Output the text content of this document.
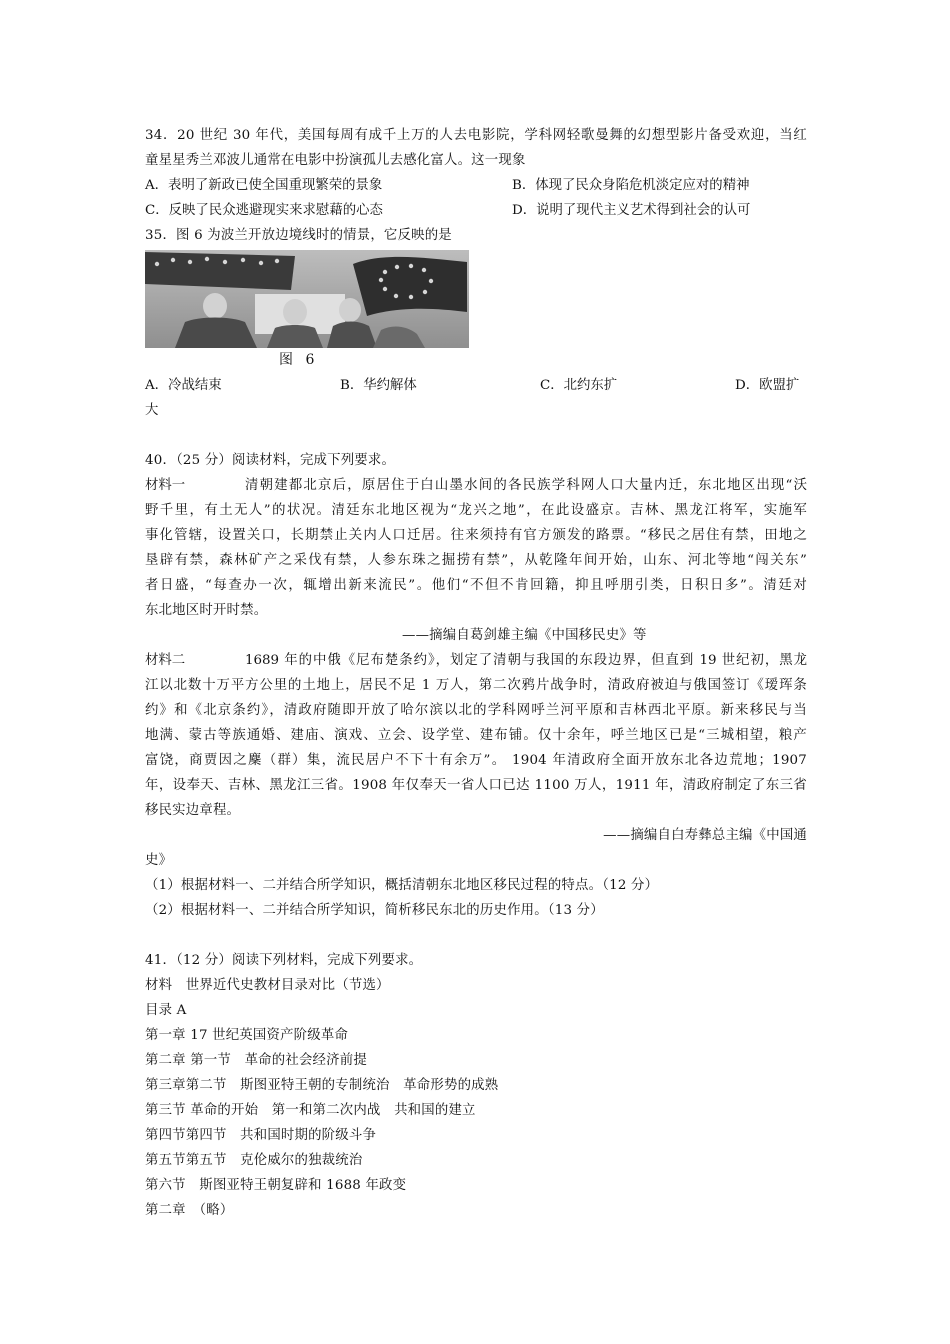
34．20 世纪 30 年代，美国每周有成千上万的人去电影院，学科网轻歌曼舞的幻想型影片备受欢迎，当红
童星星秀兰邓波儿通常在电影中扮演孤儿去感化富人。这一现象
A．表明了新政已使全国重现繁荣的景象	B．体现了民众身陷危机淡定应对的精神
C．反映了民众逃避现实来求慰藉的心态	D．说明了现代主义艺术得到社会的认可
35．图 6 为波兰开放边境线时的情景，它反映的是
图 6
A．冷战结束	B．华约解体	C．北约东扩	D．欧盟扩
大
40．（25 分）阅读材料，完成下列要求。
材料一	清朝建都北京后，原居住于白山墨水间的各民族学科网人口大量内迁，东北地区出现“沃
野千里，有土无人”的状况。清廷东北地区视为“龙兴之地”，在此设盛京。吉林、黑龙江将军，实施军
事化管辖，设置关口，长期禁止关内人口迁居。往来须持有官方颁发的路票。“移民之居住有禁，田地之
垦辟有禁，森林矿产之采伐有禁，人参东珠之掘捞有禁”，从乾隆年间开始，山东、河北等地“闯关东”
者日盛，“每查办一次，辄增出新来流民”。他们“不但不肯回籍，抑且呼朋引类，日积日多”。清廷对
东北地区时开时禁。
——摘编自葛剑雄主编《中国移民史》等
材料二	1689 年的中俄《尼布楚条约》，划定了清朝与我国的东段边界，但直到 19 世纪初，黑龙
江以北数十万平方公里的土地上，居民不足 1 万人，第二次鸦片战争时，清政府被迫与俄国签订《瑷珲条
约》和《北京条约》，清政府随即开放了哈尔滨以北的学科网呼兰河平原和吉林西北平原。新来移民与当
地满、蒙古等族通婚、建庙、演戏、立会、设学堂、建布铺。仅十余年，呼兰地区已是“三城相望，粮产
富饶，商贾因之麇（群）集，流民居户不下十有余万”。 1904 年清政府全面开放东北各边荒地；1907
年，设奉天、吉林、黑龙江三省。1908 年仅奉天一省人口已达 1100 万人，1911 年，清政府制定了东三省
移民实边章程。
——摘编自白寿彝总主编《中国通
史》
（1）根据材料一、二并结合所学知识，概括清朝东北地区移民过程的特点。（12 分）
（2）根据材料一、二并结合所学知识，简析移民东北的历史作用。（13 分）
41．（12 分）阅读下列材料，完成下列要求。
材料　世界近代史教材目录对比（节选）
目录 A
第一章 17 世纪英国资产阶级革命
第二章 第一节　革命的社会经济前提
第三章第二节　斯图亚特王朝的专制统治　革命形势的成熟
第三节 革命的开始　第一和第二次内战　共和国的建立
第四节第四节　共和国时期的阶级斗争
第五节第五节　克伦威尔的独裁统治
第六节　斯图亚特王朝复辟和 1688 年政变
第二章　（略）
